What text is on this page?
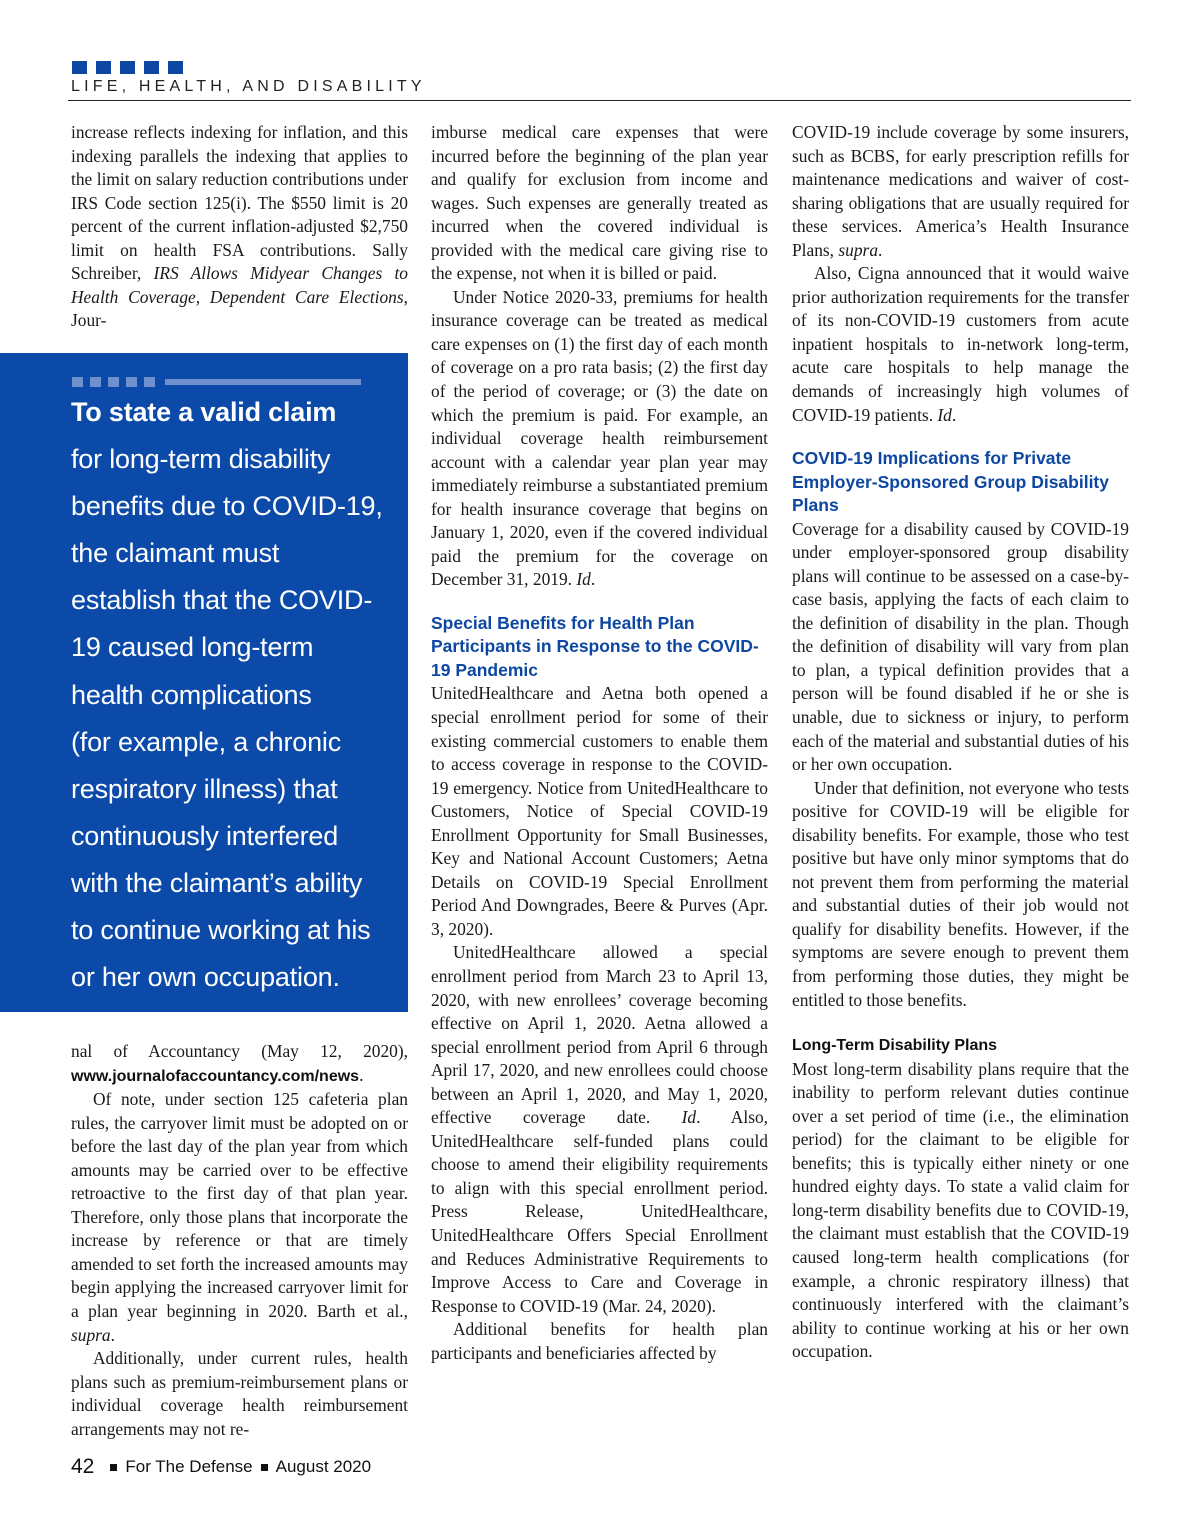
LIFE, HEALTH, AND DISABILITY

increase reflects indexing for inflation, and this indexing parallels the indexing that applies to the limit on salary reduction contributions under IRS Code section 125(i). The $550 limit is 20 percent of the current inflation-adjusted $2,750 limit on health FSA contributions. Sally Schreiber, IRS Allows Midyear Changes to Health Coverage, Dependent Care Elections, Jour-

To state a valid claim
for long-term disability
benefits due to COVID-19,
the claimant must
establish that the COVID-
19 caused long-term
health complications
(for example, a chronic
respiratory illness) that
continuously interfered
with the claimant’s ability
to continue working at his
or her own occupation.

nal of Accountancy (May 12, 2020), www.journalofaccountancy.com/news.

Of note, under section 125 cafeteria plan rules, the carryover limit must be adopted on or before the last day of the plan year from which amounts may be carried over to be effective retroactive to the first day of that plan year. Therefore, only those plans that incorporate the increase by reference or that are timely amended to set forth the increased amounts may begin applying the increased carryover limit for a plan year beginning in 2020. Barth et al., supra.

Additionally, under current rules, health plans such as premium-reimbursement plans or individual coverage health reimbursement arrangements may not re-

imburse medical care expenses that were incurred before the beginning of the plan year and qualify for exclusion from income and wages. Such expenses are generally treated as incurred when the covered individual is provided with the medical care giving rise to the expense, not when it is billed or paid.

Under Notice 2020-33, premiums for health insurance coverage can be treated as medical care expenses on (1) the first day of each month of coverage on a pro rata basis; (2) the first day of the period of coverage; or (3) the date on which the premium is paid. For example, an individual coverage health reimbursement account with a calendar year plan year may immediately reimburse a substantiated premium for health insurance coverage that begins on January 1, 2020, even if the covered individual paid the premium for the coverage on December 31, 2019. Id.

Special Benefits for Health Plan Participants in Response to the COVID-19 Pandemic

UnitedHealthcare and Aetna both opened a special enrollment period for some of their existing commercial customers to enable them to access coverage in response to the COVID-19 emergency. Notice from UnitedHealthcare to Customers, Notice of Special COVID-19 Enrollment Opportunity for Small Businesses, Key and National Account Customers; Aetna Details on COVID-19 Special Enrollment Period And Downgrades, Beere & Purves (Apr. 3, 2020).

UnitedHealthcare allowed a special enrollment period from March 23 to April 13, 2020, with new enrollees’ coverage becoming effective on April 1, 2020. Aetna allowed a special enrollment period from April 6 through April 17, 2020, and new enrollees could choose between an April 1, 2020, and May 1, 2020, effective coverage date. Id. Also, UnitedHealthcare self-funded plans could choose to amend their eligibility requirements to align with this special enrollment period. Press Release, UnitedHealthcare, UnitedHealthcare Offers Special Enrollment and Reduces Administrative Requirements to Improve Access to Care and Coverage in Response to COVID-19 (Mar. 24, 2020).

Additional benefits for health plan participants and beneficiaries affected by

COVID-19 include coverage by some insurers, such as BCBS, for early prescription refills for maintenance medications and waiver of cost-sharing obligations that are usually required for these services. America’s Health Insurance Plans, supra.

Also, Cigna announced that it would waive prior authorization requirements for the transfer of its non-COVID-19 customers from acute inpatient hospitals to in-network long-term, acute care hospitals to help manage the demands of increasingly high volumes of COVID-19 patients. Id.

COVID-19 Implications for Private Employer-Sponsored Group Disability Plans

Coverage for a disability caused by COVID-19 under employer-sponsored group disability plans will continue to be assessed on a case-by-case basis, applying the facts of each claim to the definition of disability in the plan. Though the definition of disability will vary from plan to plan, a typical definition provides that a person will be found disabled if he or she is unable, due to sickness or injury, to perform each of the material and substantial duties of his or her own occupation.

Under that definition, not everyone who tests positive for COVID-19 will be eligible for disability benefits. For example, those who test positive but have only minor symptoms that do not prevent them from performing the material and substantial duties of their job would not qualify for disability benefits. However, if the symptoms are severe enough to prevent them from performing those duties, they might be entitled to those benefits.

Long-Term Disability Plans

Most long-term disability plans require that the inability to perform relevant duties continue over a set period of time (i.e., the elimination period) for the claimant to be eligible for benefits; this is typically either ninety or one hundred eighty days. To state a valid claim for long-term disability benefits due to COVID-19, the claimant must establish that the COVID-19 caused long-term health complications (for example, a chronic respiratory illness) that continuously interfered with the claimant’s ability to continue working at his or her own occupation.

42 For The Defense August 2020
